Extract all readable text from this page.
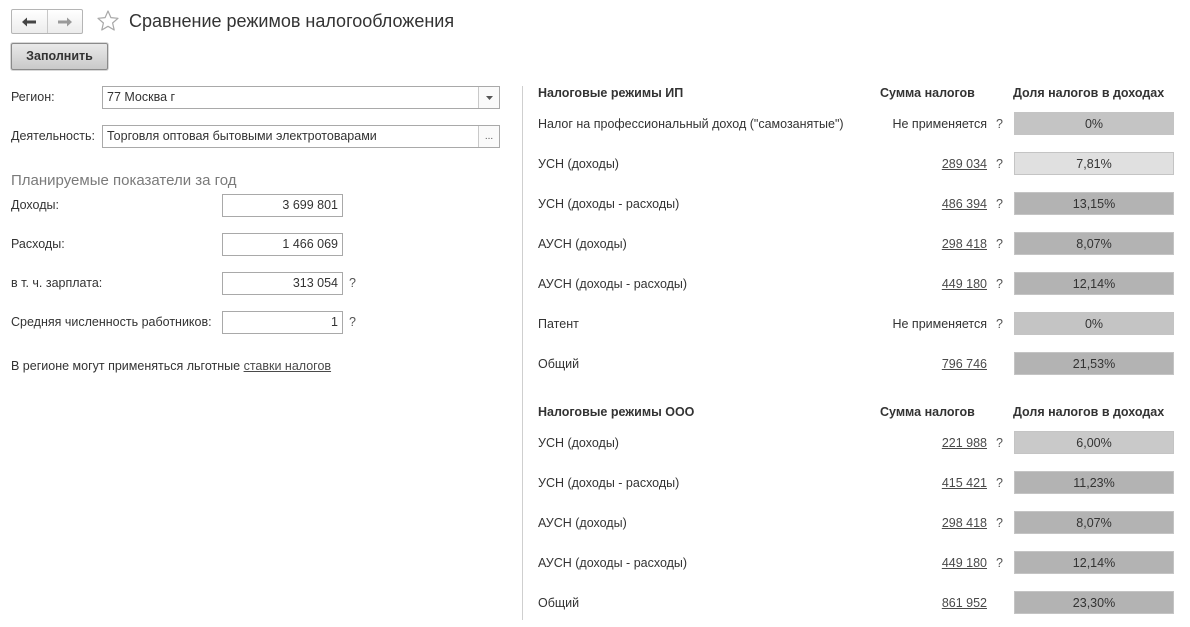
Сравнение режимов налогообложения
Заполнить
Регион:	77 Москва г
Деятельность: Торговля оптовая бытовыми электротоварами	...
Планируемые показатели за год
Доходы:	3 699 801
Расходы:	1 466 069
в т. ч. зарплата:	313 054 ?
Средняя численность работников:	1 ?
В регионе могут применяться льготные ставки налогов
Налоговые режимы ИП	Сумма налогов	Доля налогов в доходах
Налог на профессиональный доход ("самозанятые")	Не применяется ?	0%
УСН (доходы)	289 034 ?	7,81%
УСН (доходы - расходы)	486 394 ?	13,15%
АУСН (доходы)	298 418 ?	8,07%
АУСН (доходы - расходы)	449 180 ?	12,14%
Патент	Не применяется ?	0%
Общий	796 746	21,53%
Налоговые режимы ООО	Сумма налогов	Доля налогов в доходах
УСН (доходы)	221 988 ?	6,00%
УСН (доходы - расходы)	415 421 ?	11,23%
АУСН (доходы)	298 418 ?	8,07%
АУСН (доходы - расходы)	449 180 ?	12,14%
Общий	861 952	23,30%
